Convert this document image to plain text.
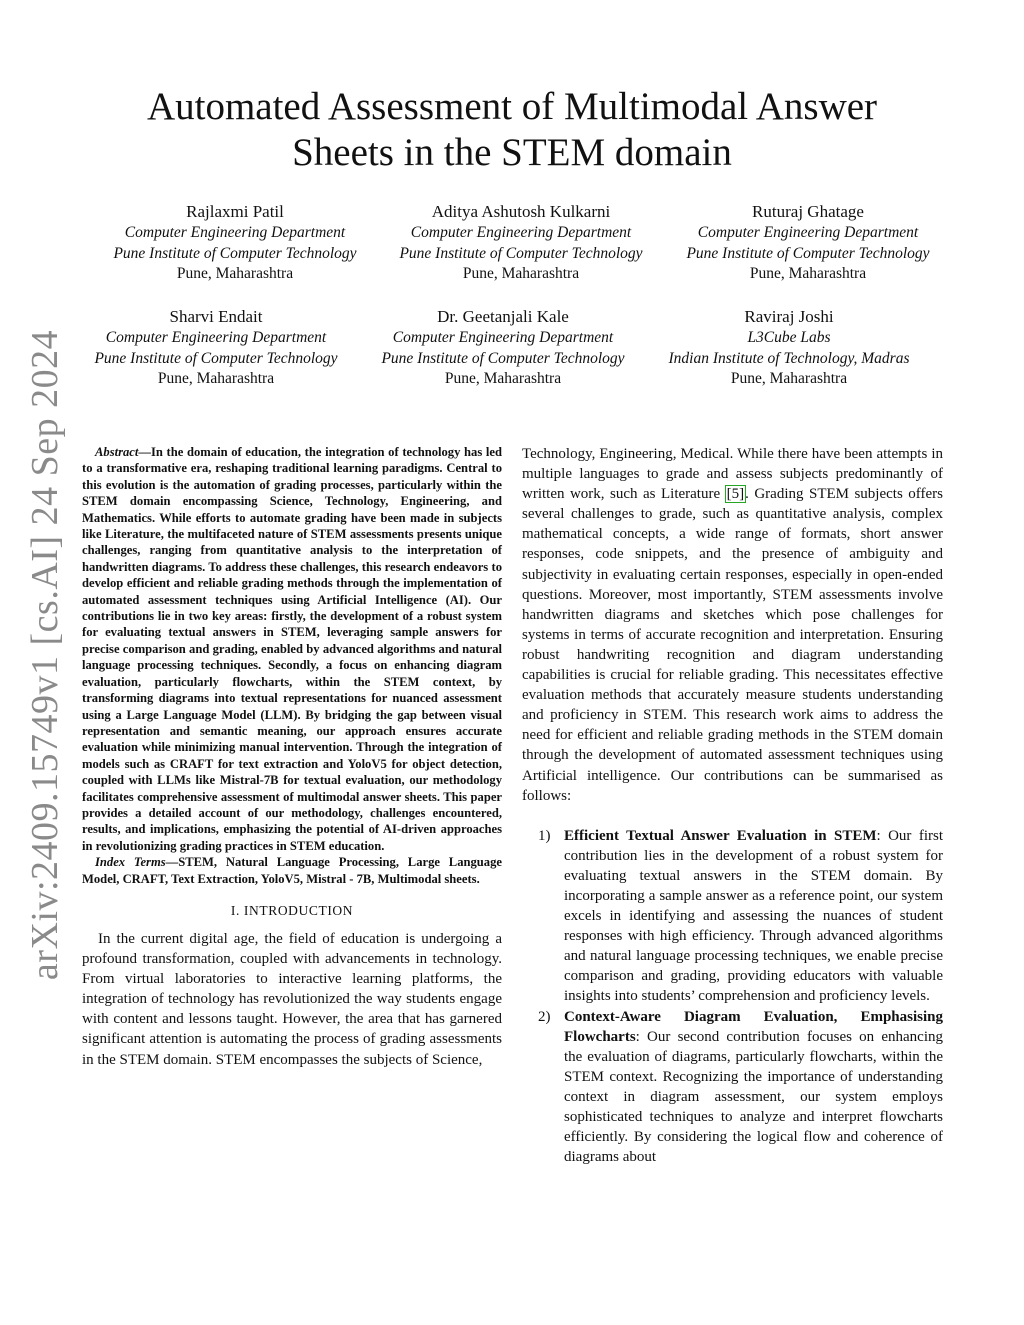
arXiv:2409.15749v1 [cs.AI] 24 Sep 2024
Automated Assessment of Multimodal Answer
Sheets in the STEM domain
Rajlaxmi Patil
Computer Engineering Department
Pune Institute of Computer Technology
Pune, Maharashtra
Aditya Ashutosh Kulkarni
Computer Engineering Department
Pune Institute of Computer Technology
Pune, Maharashtra
Ruturaj Ghatage
Computer Engineering Department
Pune Institute of Computer Technology
Pune, Maharashtra
Sharvi Endait
Computer Engineering Department
Pune Institute of Computer Technology
Pune, Maharashtra
Dr. Geetanjali Kale
Computer Engineering Department
Pune Institute of Computer Technology
Pune, Maharashtra
Raviraj Joshi
L3Cube Labs
Indian Institute of Technology, Madras
Pune, Maharashtra

Abstract—In the domain of education, the integration of technology has led to a transformative era, reshaping traditional learning paradigms. Central to this evolution is the automation of grading processes, particularly within the STEM domain encompassing Science, Technology, Engineering, and Mathematics. While efforts to automate grading have been made in subjects like Literature, the multifaceted nature of STEM assessments presents unique challenges, ranging from quantitative analysis to the interpretation of handwritten diagrams. To address these challenges, this research endeavors to develop efficient and reliable grading methods through the implementation of automated assessment techniques using Artificial Intelligence (AI). Our contributions lie in two key areas: firstly, the development of a robust system for evaluating textual answers in STEM, leveraging sample answers for precise comparison and grading, enabled by advanced algorithms and natural language processing techniques. Secondly, a focus on enhancing diagram evaluation, particularly flowcharts, within the STEM context, by transforming diagrams into textual representations for nuanced assessment using a Large Language Model (LLM). By bridging the gap between visual representation and semantic meaning, our approach ensures accurate evaluation while minimizing manual intervention. Through the integration of models such as CRAFT for text extraction and YoloV5 for object detection, coupled with LLMs like Mistral-7B for textual evaluation, our methodology facilitates comprehensive assessment of multimodal answer sheets. This paper provides a detailed account of our methodology, challenges encountered, results, and implications, emphasizing the potential of AI-driven approaches in revolutionizing grading practices in STEM education.

Index Terms—STEM, Natural Language Processing, Large Language Model, CRAFT, Text Extraction, YoloV5, Mistral - 7B, Multimodal sheets.

I. INTRODUCTION

In the current digital age, the field of education is undergoing a profound transformation, coupled with advancements in technology. From virtual laboratories to interactive learning platforms, the integration of technology has revolutionized the way students engage with content and lessons taught. However, the area that has garnered significant attention is automating the process of grading assessments in the STEM domain. STEM encompasses the subjects of Science,

Technology, Engineering, Medical. While there have been attempts in multiple languages to grade and assess subjects predominantly of written work, such as Literature [5]. Grading STEM subjects offers several challenges to grade, such as quantitative analysis, complex mathematical concepts, a wide range of formats, short answer responses, code snippets, and the presence of ambiguity and subjectivity in evaluating certain responses, especially in open-ended questions. Moreover, most importantly, STEM assessments involve handwritten diagrams and sketches which pose challenges for systems in terms of accurate recognition and interpretation. Ensuring robust handwriting recognition and diagram understanding capabilities is crucial for reliable grading. This necessitates effective evaluation methods that accurately measure students understanding and proficiency in STEM. This research work aims to address the need for efficient and reliable grading methods in the STEM domain through the development of automated assessment techniques using Artificial intelligence. Our contributions can be summarised as follows:

1) Efficient Textual Answer Evaluation in STEM: Our first contribution lies in the development of a robust system for evaluating textual answers in the STEM domain. By incorporating a sample answer as a reference point, our system excels in identifying and assessing the nuances of student responses with high efficiency. Through advanced algorithms and natural language processing techniques, we enable precise comparison and grading, providing educators with valuable insights into students’ comprehension and proficiency levels.
2) Context-Aware Diagram Evaluation, Emphasising Flowcharts: Our second contribution focuses on enhancing the evaluation of diagrams, particularly flowcharts, within the STEM context. Recognizing the importance of understanding context in diagram assessment, our system employs sophisticated techniques to analyze and interpret flowcharts efficiently. By considering the logical flow and coherence of diagrams about
